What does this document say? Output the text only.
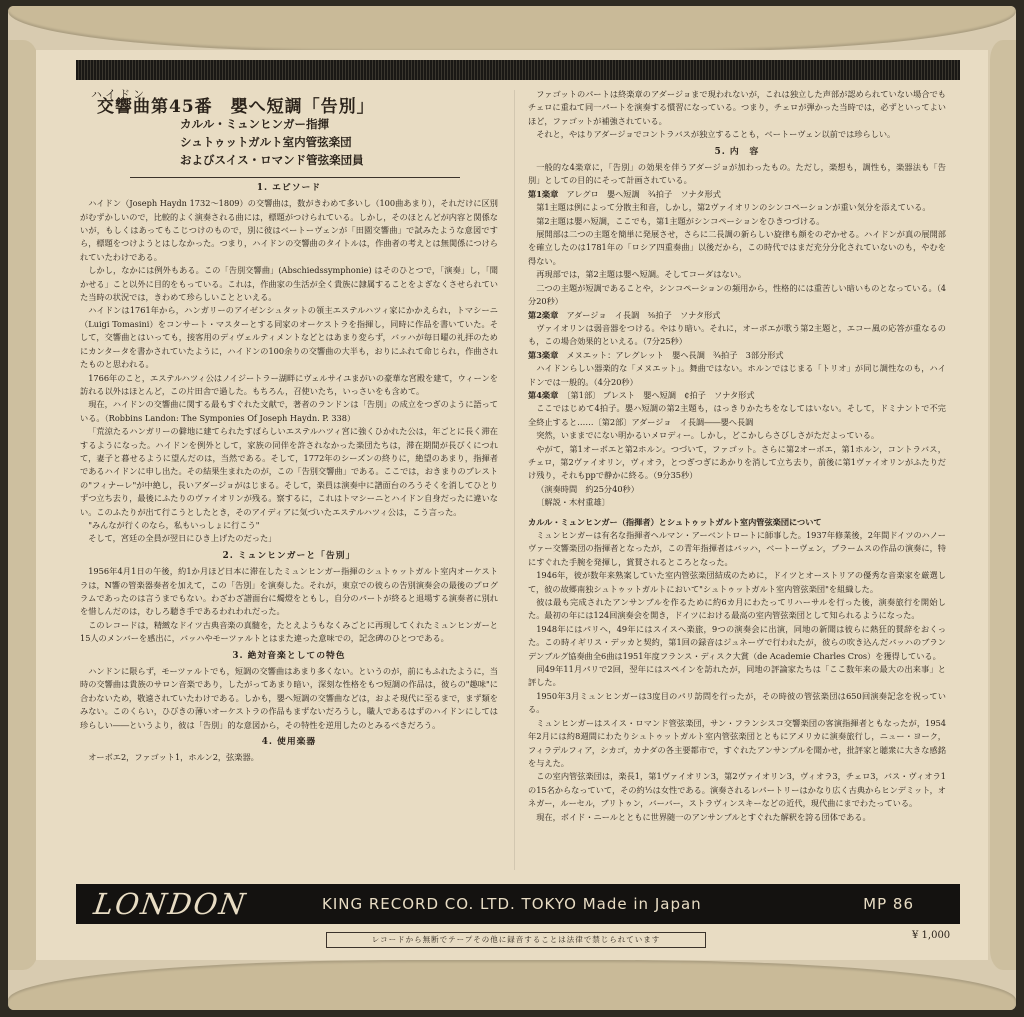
ハイドン

交響曲第45番　嬰へ短調「告別」

カルル・ミュンヒンガー指揮
シュトゥットガルト室内管弦楽団
およびスイス・ロマンド管弦楽団員
1. エピソード

ハイドン（Joseph Haydn 1732～1809）の交響曲は，数がきわめて多いし（100曲あまり），それだけに区別がむずかしいので，比較的よく演奏される曲には，標題がつけられている。しかし，そのほとんどが内容と関係ないが，もしくはあってもこじつけのもので，別に彼はベートーヴェンが「田園交響曲」で試みたような意図ですら，標題をつけようとはしなかった。つまり，ハイドンの交響曲のタイトルは，作曲者の考えとは無関係につけられていたわけである。

しかし，なかには例外もある。この「告別交響曲」(Abschiedssymphonie) はそのひとつで，「演奏」し，「聞かせる」こと以外に目的をもっている。これは，作曲家の生活が全く貴族に隷属することをよぎなくさせられていた当時の状況では，きわめて珍らしいことといえる。

ハイドンは1761年から，ハンガリーのアイゼンシュタットの領主エステルハツィ家にかかえられ，トマシーニ（Luigi Tomasini）をコンサート・マスターとする同家のオーケストラを指揮し，同時に作品を書いていた。そして，交響曲とはいっても，接客用のディヴェルティメントなどとはあまり変らず，バッハが毎日曜の礼拝のためにカンタータを書かされていたように，ハイドンの100余りの交響曲の大半も，おりにふれて命じられ，作曲されたものと思われる。

1766年のこと，エステルハツィ公はノイジートラー湖畔にヴェルサイユまがいの豪華な宮殿を建て，ウィーンを訪れる以外はほとんど，この片田舎で過した。もちろん，召使いたち，いっさいをも含めて。

現在，ハイドンの交響曲に関する最もすぐれた文献で，著者のランドンは「告別」の成立をつぎのように語っている。（Robbins Landon: The Symponies Of Joseph Haydn. P. 338）

「荒涼たるハンガリーの僻地に建てられたすばらしいエステルハツィ宮に強くひかれた公は，年ごとに長く滞在するようになった。ハイドンを例外として，家族の同伴を許されなかった楽団たちは，滞在期間が長びくにつれて，妻子と暮せるように望んだのは，当然である。そして，1772年のシーズンの終りに，絶望のあまり，指揮者であるハイドンに申し出た。その結果生まれたのが，この「告別交響曲」である。ここでは，おきまりのプレストの"フィナーレ"が中絶し，長いアダージョがはじまる。そして，楽員は演奏中に譜面台のろうそくを消してひとりずつ立ち去り，最後にふたりのヴァイオリンが残る。察するに，これはトマシーニとハイドン自身だったに違いない。このふたりが出て行こうとしたとき，そのアイディアに気づいたエステルハツィ公は，こう言った。

"みんなが行くのなら，私もいっしょに行こう"

そして，宮廷の全員が翌日にひき上げたのだった」

2. ミュンヒンガーと「告別」

1956年4月1日の午後，約1か月ほど日本に滞在したミュンヒンガー指揮のシュトゥットガルト室内オーケストラは，N響の管楽器奏者を加えて，この「告別」を演奏した。それが，東京での彼らの告別演奏会の最後のプログラムであったのは言うまでもない。わざわざ譜面台に燭燈をともし，自分のパートが終ると退場する演奏者に別れを惜しんだのは，むしろ聴き手であるわれわれだった。

このレコードは，精緻なドイツ古典音楽の真髄を，たとえようもなくみごとに再現してくれたミュンヒンガーと15人のメンバーを感出に，バッハやモーツァルトとはまた違った意味での，記念碑のひとつである。

3. 絶対音楽としての特色

ハンドンに限らず，モーツァルトでも，短調の交響曲はあまり多くない。というのが，前にもふれたように，当時の交響曲は貴族のサロン音楽であり，したがってあまり暗い，深刻な性格をもつ短調の作品は，彼らの"趣味"に合わないため，敬遠されていたわけである。しかも，嬰へ短調の交響曲などは，およそ現代に至るまで，まず類をみない。このくらい，ひびきの薄いオーケストラの作品もまずないだろうし，職人であるはずのハイドンにしては珍らしい――というより，彼は「告別」的な意図から，その特性を逆用したのとみるべきだろう。

4. 使用楽器

オーボエ2，ファゴット1，ホルン2，弦楽器。

ファゴットのパートは終楽章のアダージョまで現われないが，これは独立した声部が認められていない場合でもチェロに重ねて同一パートを演奏する慣習になっている。つまり，チェロが弾かった当時では，必ずといってよいほど，ファゴットが補強されている。

それと，やはりアダージョでコントラバスが独立することも，ベートーヴェン以前では珍らしい。

5. 内　容

一般的な4楽章に，「告別」の効果を伴うアダージョが加わったもの。ただし，楽想も，調性も，楽器法も「告別」としての目的にそって計画されている。

第1楽章　 アレグロ　嬰へ短調　¾拍子　ソナタ形式

第1主題は例によって分散主和音，しかし，第2ヴァイオリンのシンコペーションが重い気分を添えている。

第2主題は嬰ハ短調，ここでも，第1主題がシンコペーションをひきつづける。

展開部は二つの主題を簡単に発展させ，さらに二長調の新らしい旋律も顔をのぞかせる。ハイドンが真の展開部を確立したのは1781年の「ロシア四重奏曲」以後だから，この時代ではまだ充分分化されていないのも，やむを得ない。

再現部では，第2主題は嬰へ短調。そしてコーダはない。

二つの主題が短調であることや，シンコペーションの頻用から，性格的には重苦しい暗いものとなっている。（4分20秒）

第2楽章　 アダージョ　イ長調　⅜拍子　ソナタ形式

ヴァイオリンは弱音器をつける。やはり暗い。それに，オーボエが歌う第2主題と，エコー風の応答が重なるのも，この場合効果的といえる。（7分25秒）

第3楽章　 メヌエット：アレグレット　嬰ヘ長調　¾拍子　3部分形式

ハイドンらしい器楽的な「メヌエット」。舞曲ではない。ホルンではじまる「トリオ」が同じ調性なのも，ハイドンでは一般的。（4分20秒）

第4楽章　 〔第1部〕 プレスト　嬰へ短調　¢拍子　ソナタ形式

ここではじめて4拍子。嬰ハ短調の第2主題も，はっきりかたちをなしてはいない。そして，ドミナントで不完全終止すると……〔第2部〕アダージョ　イ長調――嬰へ長調

突然，いままでにない明かるいメロディー。しかし，どこかしらさびしさがただよっている。

やがて，第1オーボエと第2ホルン。つづいて，ファゴット。さらに第2オーボエ，第1ホルン，コントラバス，チェロ，第2ヴァイオリン，ヴィオラ，とつぎつぎにあかりを消して立ち去り，前後に第1ヴァイオリンがふたりだけ残り，それもppで静かに終る。（9分35秒）

（演奏時間　約25分40秒）

〔解説・木村重雄〕

カルル・ミュンヒンガー（指揮者）とシュトゥットガルト室内管弦楽団について

ミュンヒンガーは有名な指揮者ヘルマン・アーベントロートに師事した。1937年修業後，2年間ドイツのハノーヴァー交響楽団の指揮者となったが，この青年指揮者はバッハ，ベートーヴェン，ブラームスの作品の演奏に，特にすぐれた手腕を発揮し，賞賛されるところとなった。

1946年，彼が数年来熟案していた室内管弦楽団結成のために，ドイツとオーストリアの優秀な音楽家を厳選して，彼の故郷南独シュトゥットガルトにおいて"シュトゥットガルト室内管弦楽団"を組織した。

彼は最も完成されたアンサンブルを作るために約6カ月にわたってリハーサルを行った後，演奏旅行を開始した。最初の年には124回演奏会を開き，ドイツにおける最高の室内管弦楽団として知られるようになった。

1948年にはパリへ，49年にはスイスへ楽旅，9つの演奏会に出演，同地の新聞は彼らに熱狂的賛辞をおくった。この時イギリス・デッカと契約，第1回の録音はジュネーヴで行われたが，彼らの吹き込んだバッハのブランデンブルグ協奏曲全6曲は1951年度フランス・ディスク大賞（de Academie Charles Cros）を獲得している。

同49年11月パリで2回，翌年にはスペインを訪れたが，同地の評論家たちは「ここ数年来の最大の出来事」と評した。

1950年3月ミュンヒンガーは3度目のパリ訪問を行ったが，その時彼の管弦楽団は650回演奏記念を祝っている。

ミュンヒンガーはスイス・ロマンド管弦楽団，サン・フランシスコ交響楽団の客演指揮者ともなったが，1954年2月には約8週間にわたりシュトゥットガルト室内管弦楽団とともにアメリカに演奏旅行し，ニュー・ヨーク，フィラデルフィア，シカゴ，カナダの各主要都市で，すぐれたアンサンブルを聞かせ，批評家と聴衆に大きな感銘を与えた。

この室内管弦楽団は，楽長1，第1ヴァイオリン3，第2ヴァイオリン3，ヴィオラ3，チェロ3，バス・ヴィオラ1の15名からなっていて，その約½は女性である。演奏されるレパートリーはかなり広く古典からヒンデミット，オネガー，ルーセル，ブリトゥン，バーバー，ストラヴィンスキーなどの近代，現代曲にまでわたっている。

現在，ボイド・ニールとともに世界随一のアンサンブルとすぐれた解釈を誇る団体である。

LONDON	KING RECORD CO. LTD. TOKYO Made in Japan	MP 86
レコードから無断でテープその他に録音することは法律で禁じられています	¥ 1,000
